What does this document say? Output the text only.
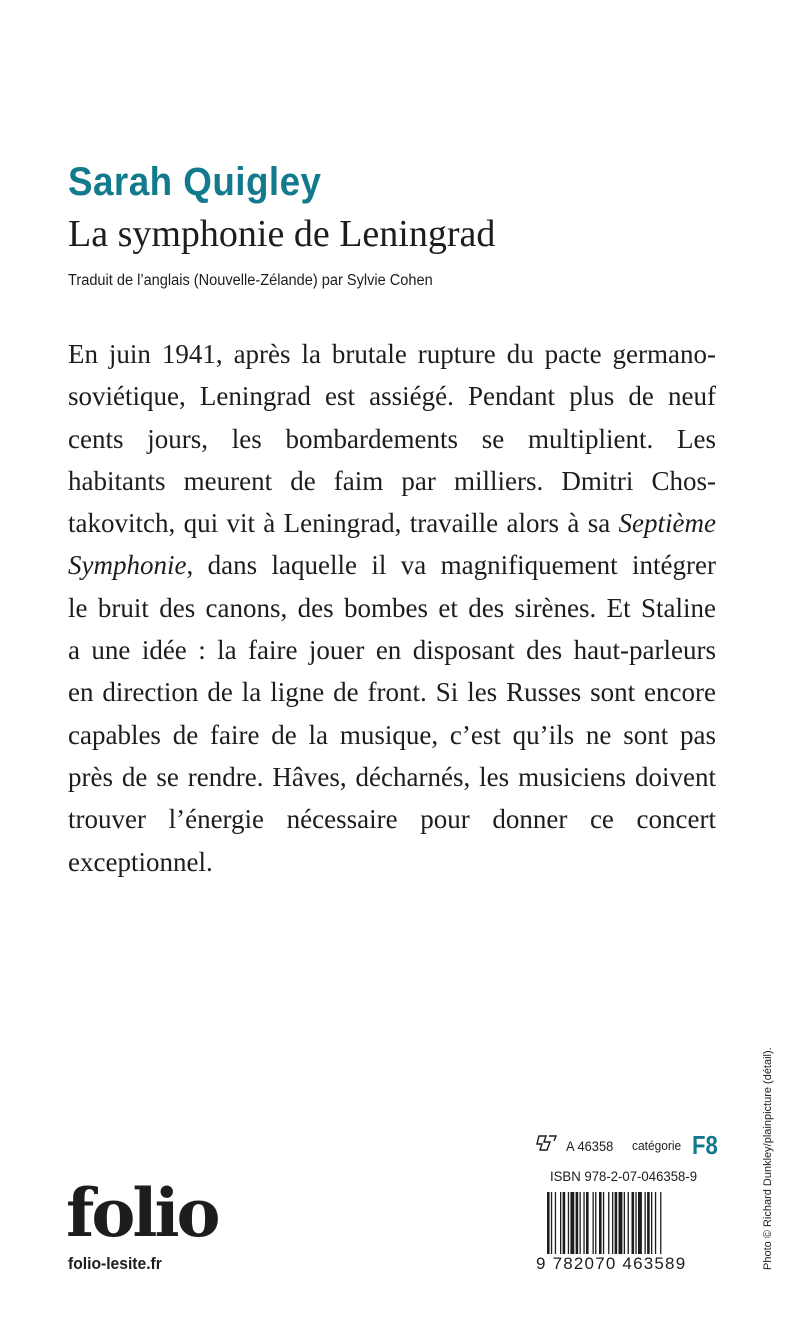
Sarah Quigley
La symphonie de Leningrad
Traduit de l’anglais (Nouvelle-Zélande) par Sylvie Cohen
En juin 1941, après la brutale rupture du pacte germano-
soviétique, Leningrad est assiégé. Pendant plus de neuf
cents jours, les bombardements se multiplient. Les
habitants meurent de faim par milliers. Dmitri Chos-
takovitch, qui vit à Leningrad, travaille alors à sa Septième
Symphonie, dans laquelle il va magnifiquement intégrer
le bruit des canons, des bombes et des sirènes. Et Staline
a une idée : la faire jouer en disposant des haut-parleurs
en direction de la ligne de front. Si les Russes sont encore
capables de faire de la musique, c’est qu’ils ne sont pas
près de se rendre. Hâves, décharnés, les musiciens doivent
trouver l’énergie nécessaire pour donner ce concert
exceptionnel.
folio
folio-lesite.fr
A 46358 catégorie F8
ISBN 978-2-07-046358-9
9 782070 463589	Photo © Richard Dunkley/plainpicture (détail).
